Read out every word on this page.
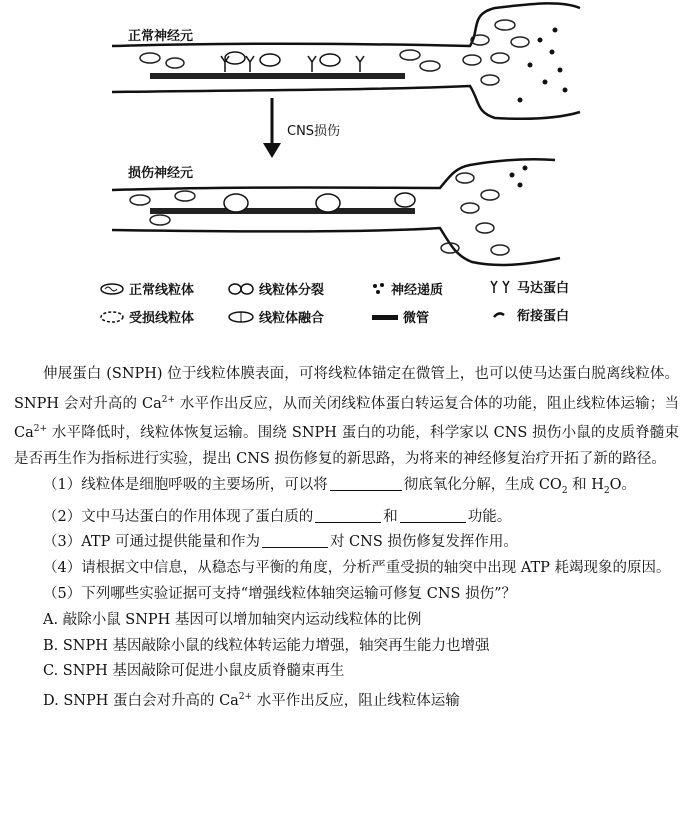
正常神经元
损伤神经元
CNS损伤
正常线粒体	线粒体分裂	神经递质	马达蛋白
受损线粒体	线粒体融合	微管	衔接蛋白

伸展蛋白 (SNPH) 位于线粒体膜表面，可将线粒体锚定在微管上，也可以使马达蛋白脱离线粒体。SNPH 会对升高的 $Ca^{2+}$ 水平作出反应，从而关闭线粒体蛋白转运复合体的功能，阻止线粒体运输；当 $Ca^{2+}$ 水平降低时，线粒体恢复运输。围绕 SNPH 蛋白的功能，科学家以 CNS 损伤小鼠的皮质脊髓束是否再生作为指标进行实验，提出 CNS 损伤修复的新思路，为将来的神经修复治疗开拓了新的路径。

（1）线粒体是细胞呼吸的主要场所，可以将	彻底氧化分解，生成 $CO_2$ 和 $H_2O$。

（2）文中马达蛋白的作用体现了蛋白质的	和	功能。

（3）ATP 可通过提供能量和作为	对 CNS 损伤修复发挥作用。

（4）请根据文中信息，从稳态与平衡的角度，分析严重受损的轴突中出现 ATP 耗竭现象的原因。

（5）下列哪些实验证据可支持“增强线粒体轴突运输可修复 CNS 损伤”？

A. 敲除小鼠 SNPH 基因可以增加轴突内运动线粒体的比例

B. SNPH 基因敲除小鼠的线粒体转运能力增强，轴突再生能力也增强

C. SNPH 基因敲除可促进小鼠皮质脊髓束再生

D. SNPH 蛋白会对升高的 $Ca^{2+}$ 水平作出反应，阻止线粒体运输
